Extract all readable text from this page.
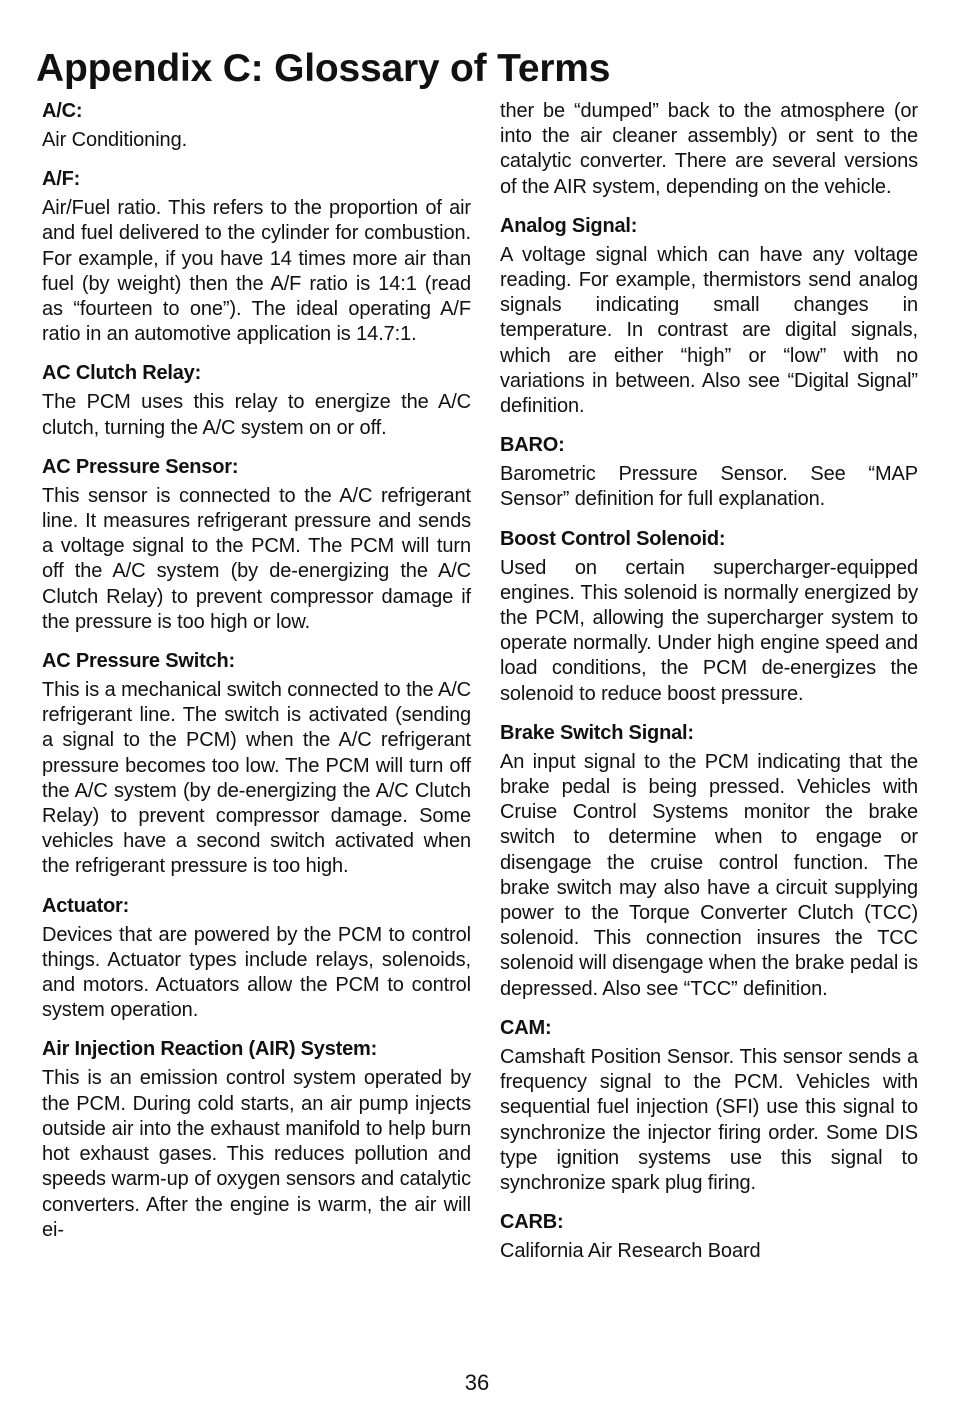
Appendix C: Glossary of Terms
A/C:

Air Conditioning.

A/F:

Air/Fuel ratio. This refers to the proportion of air and fuel delivered to the cylinder for combustion. For example, if you have 14 times more air than fuel (by weight) then the A/F ratio is 14:1 (read as “fourteen to one”). The ideal operating A/F ratio in an automotive application is 14.7:1.

AC Clutch Relay:

The PCM uses this relay to energize the A/C clutch, turning the A/C system on or off.

AC Pressure Sensor:

This sensor is connected to the A/C refrigerant line. It measures refrigerant pressure and sends a voltage signal to the PCM. The PCM will turn off the A/C system (by de-energizing the A/C Clutch Relay) to prevent compressor damage if the pressure is too high or low.

AC Pressure Switch:

This is a mechanical switch connected to the A/C refrigerant line. The switch is activated (sending a signal to the PCM) when the A/C refrigerant pressure becomes too low. The PCM will turn off the A/C system (by de-energizing the A/C Clutch Relay) to prevent compressor damage. Some vehicles have a second switch activated when the refrigerant pressure is too high.

Actuator:

Devices that are powered by the PCM to control things. Actuator types include relays, solenoids, and motors. Actuators allow the PCM to control system operation.

Air Injection Reaction (AIR) System:

This is an emission control system operated by the PCM. During cold starts, an air pump injects outside air into the exhaust manifold to help burn hot exhaust gases. This reduces pollution and speeds warm-up of oxygen sensors and catalytic converters. After the engine is warm, the air will ei-

ther be “dumped” back to the atmosphere (or into the air cleaner assembly) or sent to the catalytic converter. There are several versions of the AIR system, depending on the vehicle.

Analog Signal:

A voltage signal which can have any voltage reading. For example, thermistors send analog signals indicating small changes in temperature. In contrast are digital signals, which are either “high” or “low” with no variations in between. Also see “Digital Signal” definition.

BARO:

Barometric Pressure Sensor. See “MAP Sensor” definition for full explanation.

Boost Control Solenoid:

Used on certain supercharger-equipped engines. This solenoid is normally energized by the PCM, allowing the supercharger system to operate normally. Under high engine speed and load conditions, the PCM de-energizes the solenoid to reduce boost pressure.

Brake Switch Signal:

An input signal to the PCM indicating that the brake pedal is being pressed. Vehicles with Cruise Control Systems monitor the brake switch to determine when to engage or disengage the cruise control function. The brake switch may also have a circuit supplying power to the Torque Converter Clutch (TCC) solenoid. This connection insures the TCC solenoid will disengage when the brake pedal is depressed. Also see “TCC” definition.

CAM:

Camshaft Position Sensor. This sensor sends a frequency signal to the PCM. Vehicles with sequential fuel injection (SFI) use this signal to synchronize the injector firing order. Some DIS type ignition systems use this signal to synchronize spark plug firing.

CARB:

California Air Research Board

36
